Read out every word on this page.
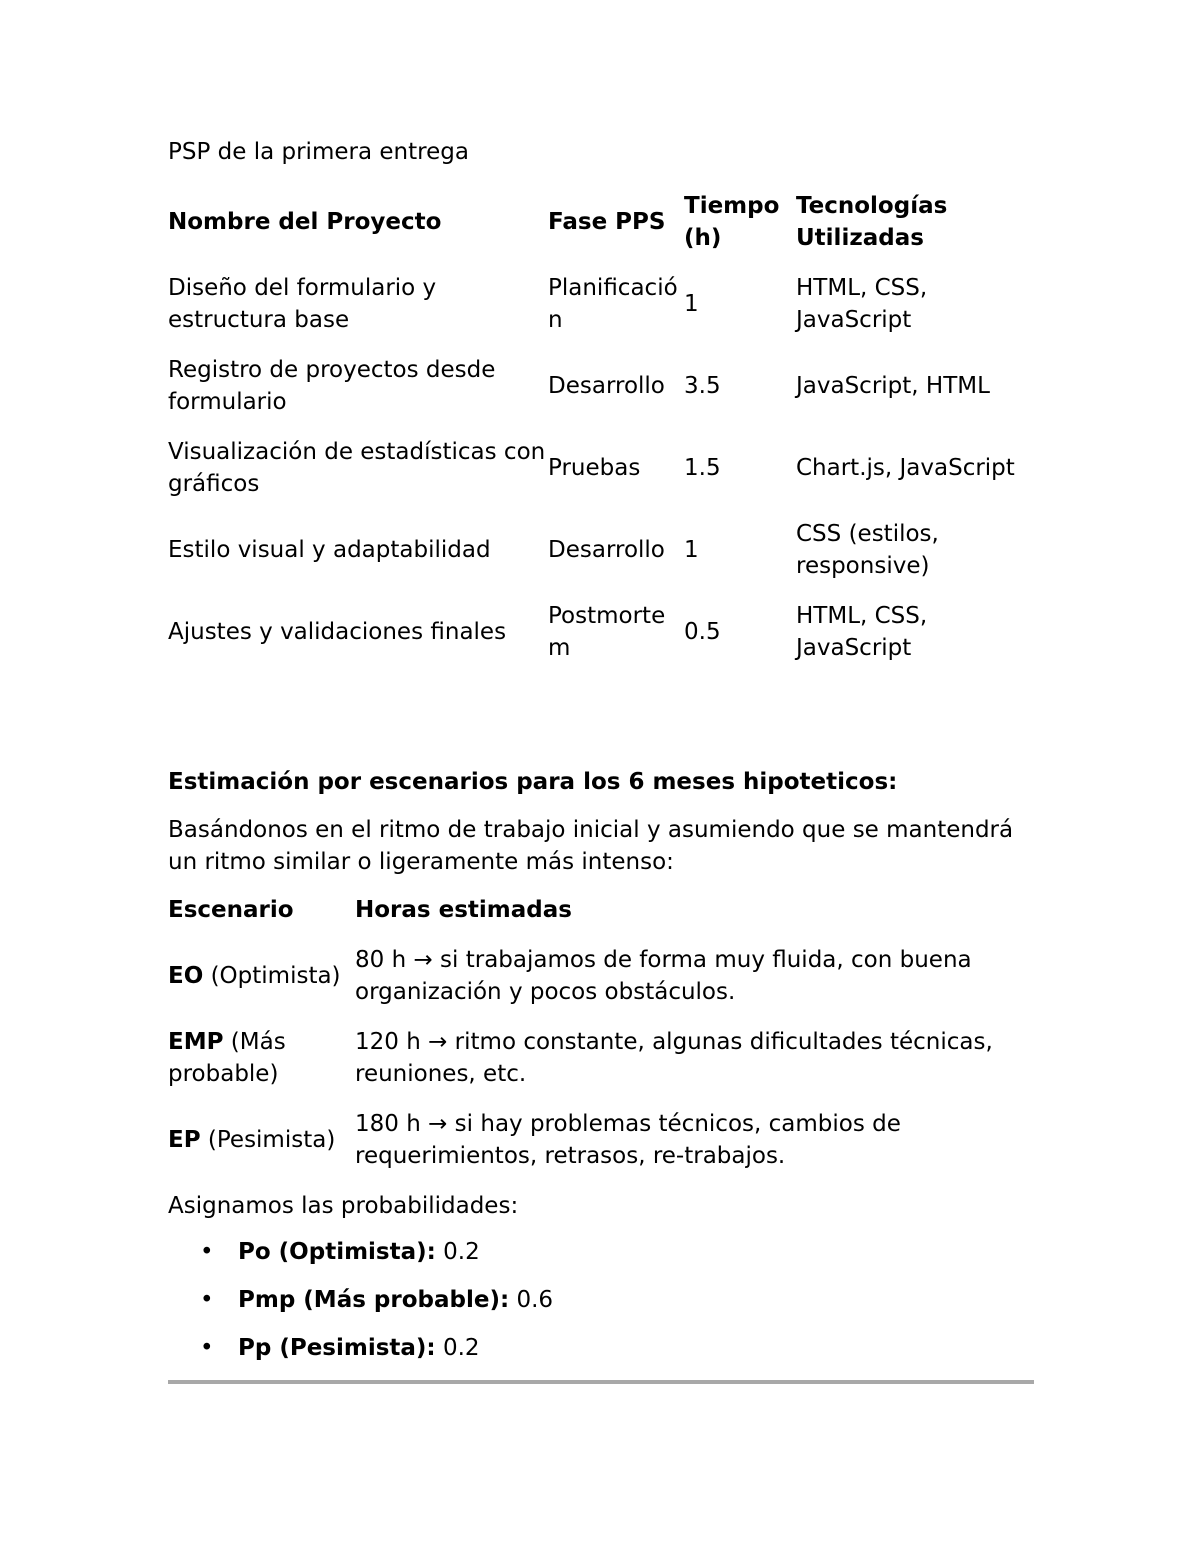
PSP de la primera entrega

Nombre del Proyecto	Fase PPS	Tiempo (h)	Tecnologías Utilizadas
Diseño del formulario y estructura base	Planificación	1	HTML, CSS, JavaScript
Registro de proyectos desde formulario	Desarrollo	3.5	JavaScript, HTML
Visualización de estadísticas con gráficos	Pruebas	1.5	Chart.js, JavaScript
Estilo visual y adaptabilidad	Desarrollo	1	CSS (estilos, responsive)
Ajustes y validaciones finales	Postmortem	0.5	HTML, CSS, JavaScript

Estimación por escenarios para los 6 meses hipoteticos:

Basándonos en el ritmo de trabajo inicial y asumiendo que se mantendrá un ritmo similar o ligeramente más intenso:

Escenario	Horas estimadas
EO (Optimista)	80 h → si trabajamos de forma muy fluida, con buena organización y pocos obstáculos.
EMP (Más probable)	120 h → ritmo constante, algunas dificultades técnicas, reuniones, etc.
EP (Pesimista)	180 h → si hay problemas técnicos, cambios de requerimientos, retrasos, re-trabajos.

Asignamos las probabilidades:

• Po (Optimista): 0.2
• Pmp (Más probable): 0.6
• Pp (Pesimista): 0.2
